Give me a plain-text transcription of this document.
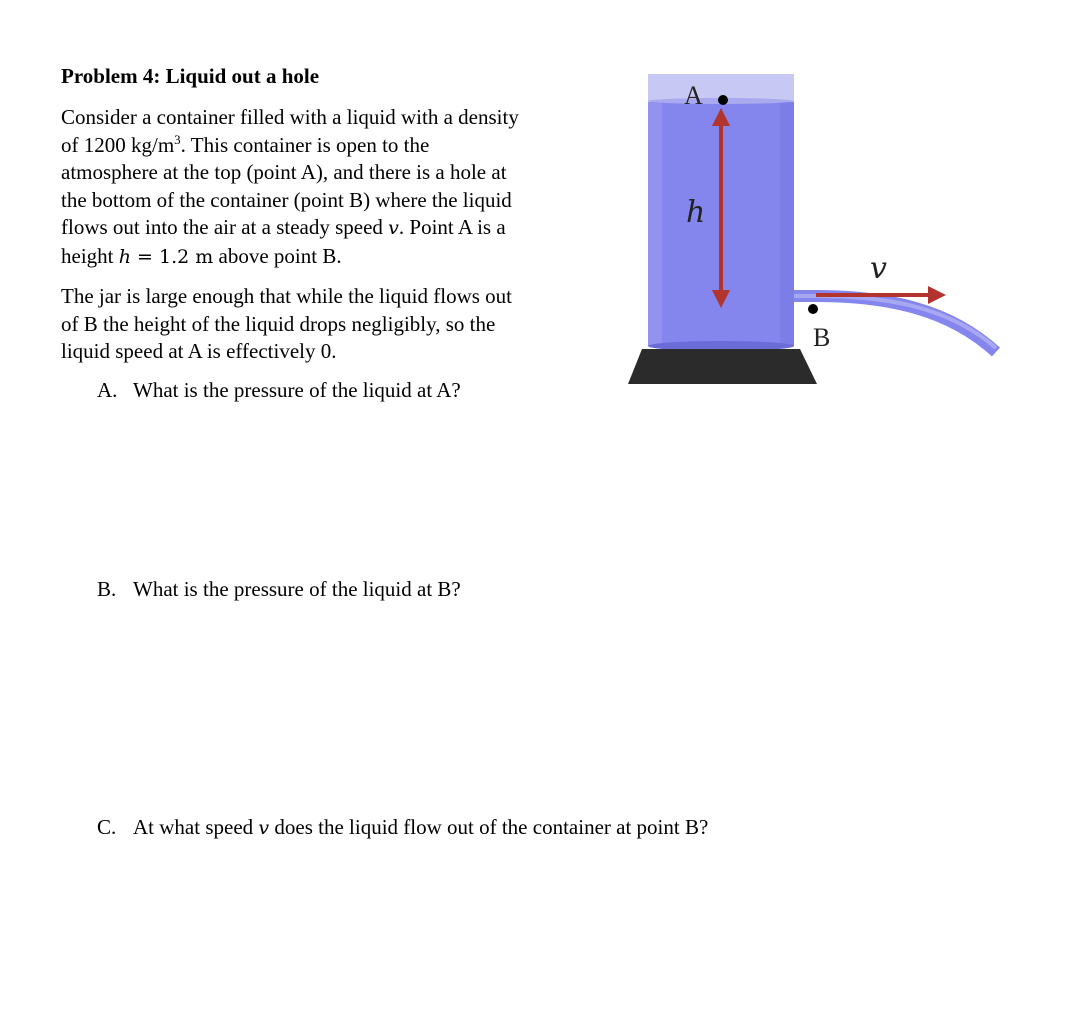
Problem 4: Liquid out a hole

Consider a container filled with a liquid with a density
of 1200 $kg/m^3$. This container is open to the
atmosphere at the top (point A), and there is a hole at
the bottom of the container (point B) where the liquid
flows out into the air at a steady speed v. Point A is a
height h = 1.2 m above point B.

The jar is large enough that while the liquid flows out
of B the height of the liquid drops negligibly, so the
liquid speed at A is effectively 0.

A. What is the pressure of the liquid at A?
B. What is the pressure of the liquid at B?
C. At what speed v does the liquid flow out of the container at point B?
A
B
h
v
